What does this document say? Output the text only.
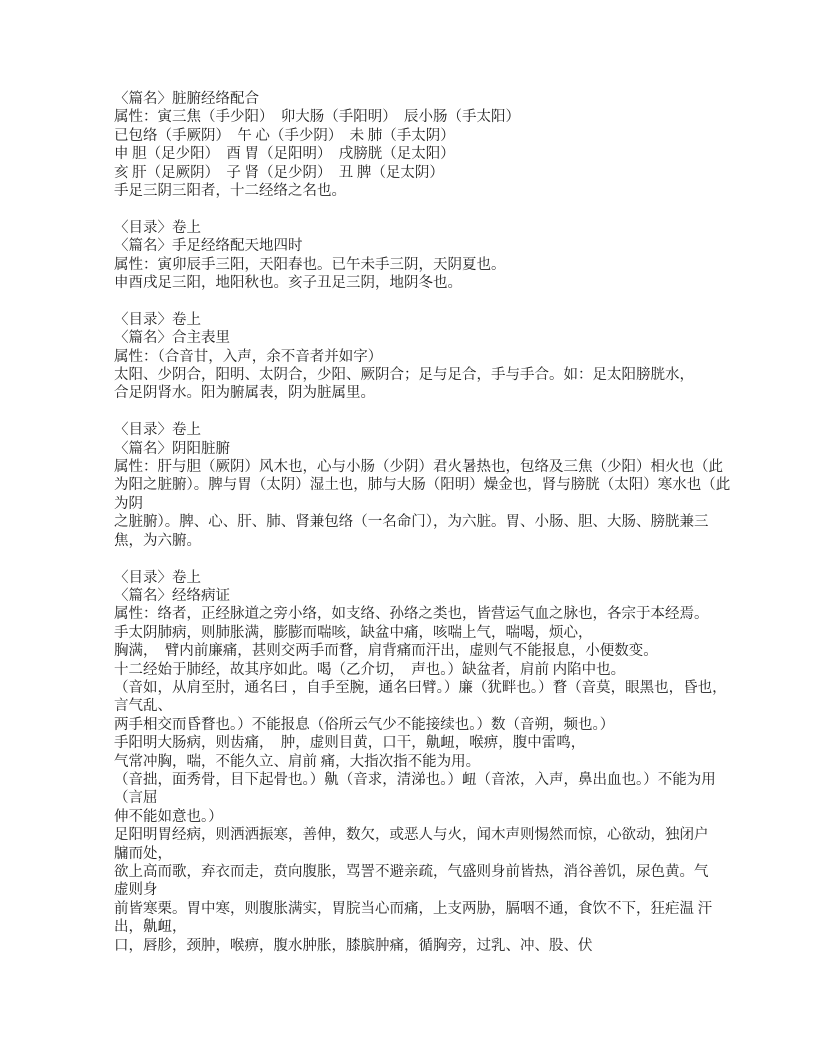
〈篇名〉脏腑经络配合
属性：寅三焦（手少阳）　卯大肠（手阳明）　辰小肠（手太阳）
已包络（手厥阴）　午 心（手少阴）　未 肺（手太阴）
申 胆（足少阳）　酉 胃（足阳明）　戌膀胱（足太阳）
亥 肝（足厥阴）　子 肾（足少阴）　丑 脾（足太阴）
手足三阴三阳者，十二经络之名也。
〈目录〉卷上
〈篇名〉手足经络配天地四时
属性：寅卯辰手三阳，天阳春也。已午未手三阴，天阴夏也。
申酉戌足三阳，地阳秋也。亥子丑足三阴，地阴冬也。
〈目录〉卷上
〈篇名〉合主表里
属性：（合音甘，入声，余不音者并如字）
太阳、少阴合，阳明、太阴合，少阳、厥阴合；足与足合，手与手合。如：足太阳膀胱水，
合足阴肾水。阳为腑属表，阴为脏属里。
〈目录〉卷上
〈篇名〉阴阳脏腑
属性：肝与胆（厥阴）风木也，心与小肠（少阴）君火暑热也，包络及三焦（少阳）相火也（此
为阳之脏腑）。脾与胃（太阴）湿土也，肺与大肠（阳明）燥金也，肾与膀胱（太阳）寒水也（此
为阴
之脏腑）。脾、心、肝、肺、肾兼包络（一名命门），为六脏。胃、小肠、胆、大肠、膀胱兼三
焦，为六腑。
〈目录〉卷上
〈篇名〉经络病证
属性：络者，正经脉道之旁小络，如支络、孙络之类也，皆营运气血之脉也，各宗于本经焉。
手太阴肺病，则肺胀满，膨膨而喘咳，缺盆中痛，咳喘上气，喘喝，烦心，
胸满，　臂内前廉痛，甚则交两手而瞀，肩背痛而汗出，虚则气不能报息，小便数变。
十二经始于肺经，故其序如此。喝（乙介切，　声也。）缺盆者，肩前 内陷中也。
（音如，从肩至肘，通名曰 ，自手至腕，通名曰臂。）廉（犹畔也。）瞀（音莫，眼黑也，昏也，
言气乱、
两手相交而昏瞀也。）不能报息（俗所云气少不能接续也。）数（音朔，频也。）
手阳明大肠病，则齿痛，　肿，虚则目黄，口干，鼽衄，喉痹，腹中雷鸣，
气常冲胸，喘，不能久立、肩前 痛，大指次指不能为用。
（音拙，面秀骨，目下起骨也。）鼽（音求，清涕也。）衄（音浓，入声，鼻出血也。）不能为用
（言屈
伸不能如意也。）
足阳明胃经病，则洒洒振寒，善伸，数欠，或恶人与火，闻木声则惕然而惊，心欲动，独闭户
牖而处，
欲上高而歌，弃衣而走，贲向腹胀，骂詈不避亲疏，气盛则身前皆热，消谷善饥，尿色黄。气
虚则身
前皆寒栗。胃中寒，则腹胀满实，胃脘当心而痛，上支两胁，膈咽不通，食饮不下，狂疟温 汗
出，鼽衄，
口，唇胗，颈肿，喉痹，腹水肿胀，膝膑肿痛，循胸旁，过乳、冲、股、伏
